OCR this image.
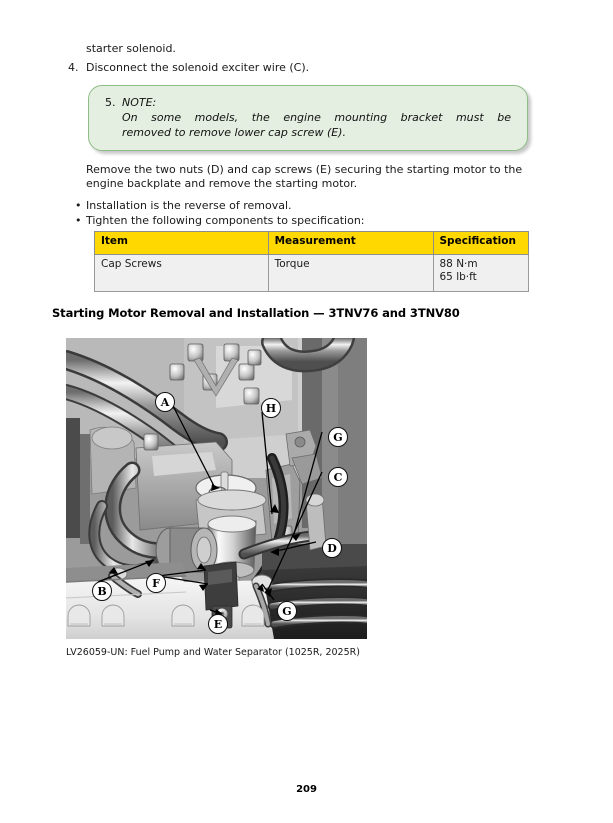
starter solenoid.
4. Disconnect the solenoid exciter wire (C).
5. NOTE:
On some models, the engine mounting bracket must be
removed to remove lower cap screw (E).
Remove the two nuts (D) and cap screws (E) securing the starting motor to the engine backplate and remove the starting motor.
• Installation is the reverse of removal.
• Tighten the following components to specification:
Item	Measurement	Specification
Cap Screws	Torque	88 N·m
65 lb·ft
Starting Motor Removal and Installation — 3TNV76 and 3TNV80
A	H
G
C
D
B
F
E
G
LV26059-UN: Fuel Pump and Water Separator (1025R, 2025R)
209
